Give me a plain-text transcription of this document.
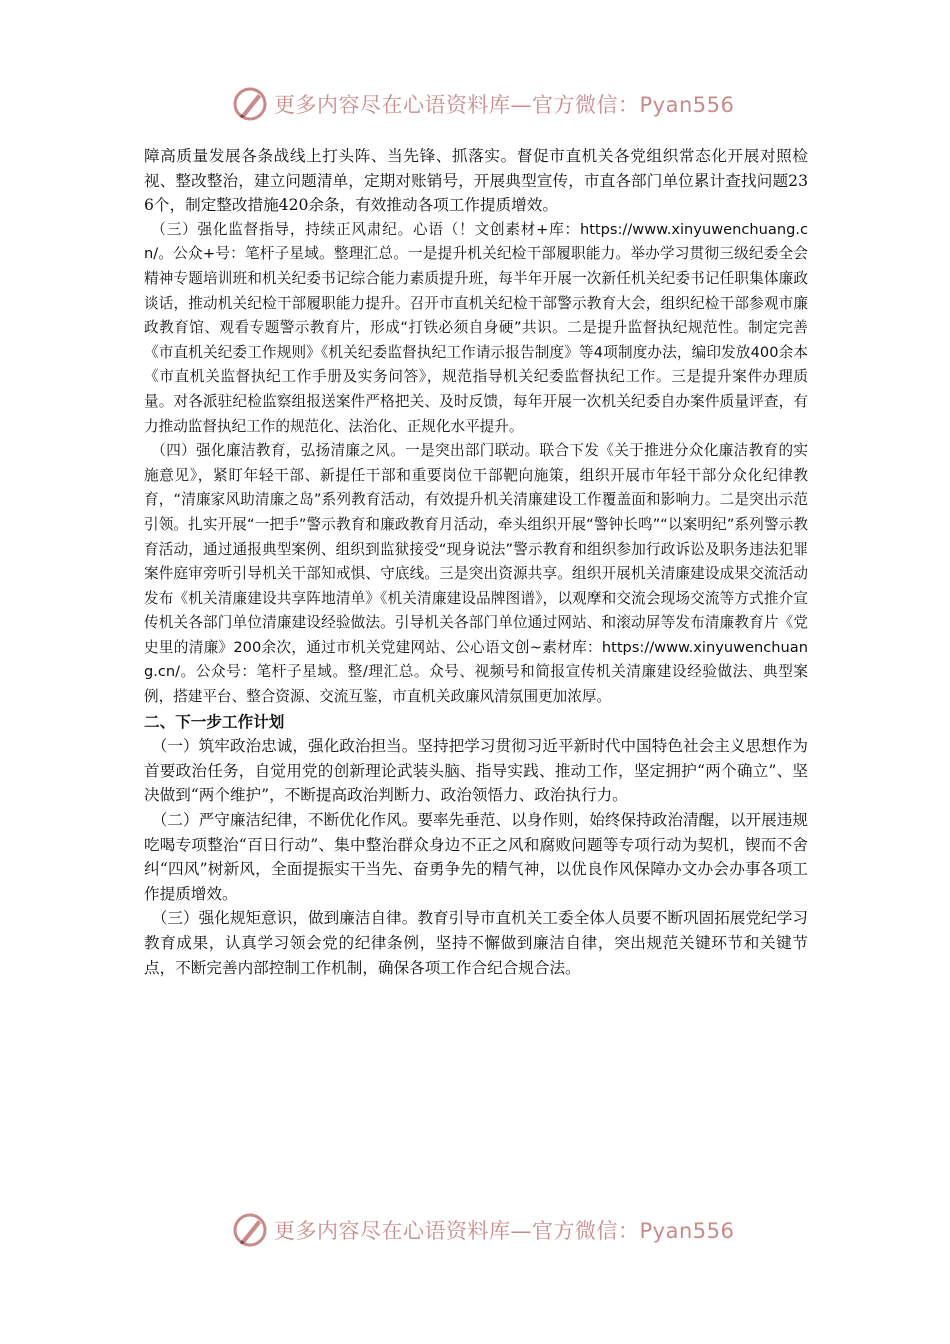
更多内容尽在心语资料库—官方微信：Pyan556

障高质量发展各条战线上打头阵、当先锋、抓落实。督促市直机关各党组织常态化开展对照检视、整改整治，建立问题清单，定期对账销号，开展典型宣传，市直各部门单位累计查找问题236个，制定整改措施420余条，有效推动各项工作提质增效。

（三）强化监督指导，持续正风肃纪。心语（！文创素材+库：https://www.xinyuwenchuang.cn/。公众+号：笔杆子星域。整理汇总。一是提升机关纪检干部履职能力。举办学习贯彻三级纪委全会精神专题培训班和机关纪委书记综合能力素质提升班，每半年开展一次新任机关纪委书记任职集体廉政谈话，推动机关纪检干部履职能力提升。召开市直机关纪检干部警示教育大会，组织纪检干部参观市廉政教育馆、观看专题警示教育片，形成“打铁必须自身硬”共识。二是提升监督执纪规范性。制定完善《市直机关纪委工作规则》《机关纪委监督执纪工作请示报告制度》等4项制度办法，编印发放400余本《市直机关监督执纪工作手册及实务问答》，规范指导机关纪委监督执纪工作。三是提升案件办理质量。对各派驻纪检监察组报送案件严格把关、及时反馈，每年开展一次机关纪委自办案件质量评查，有力推动监督执纪工作的规范化、法治化、正规化水平提升。

（四）强化廉洁教育，弘扬清廉之风。一是突出部门联动。联合下发《关于推进分众化廉洁教育的实施意见》，紧盯年轻干部、新提任干部和重要岗位干部靶向施策，组织开展市年轻干部分众化纪律教育，“清廉家风助清廉之岛”系列教育活动，有效提升机关清廉建设工作覆盖面和影响力。二是突出示范引领。扎实开展“一把手”警示教育和廉政教育月活动，牵头组织开展“警钟长鸣”“以案明纪”系列警示教育活动，通过通报典型案例、组织到监狱接受“现身说法”警示教育和组织参加行政诉讼及职务违法犯罪案件庭审旁听引导机关干部知戒惧、守底线。三是突出资源共享。组织开展机关清廉建设成果交流活动发布《机关清廉建设共享阵地清单》《机关清廉建设品牌图谱》，以观摩和交流会现场交流等方式推介宣传机关各部门单位清廉建设经验做法。引导机关各部门单位通过网站、和滚动屏等发布清廉教育片《党史里的清廉》200余次，通过市机关党建网站、公心语文创~素材库：https://www.xinyuwenchuang.cn/。公众号：笔杆子星域。整/理汇总。众号、视频号和简报宣传机关清廉建设经验做法、典型案例，搭建平台、整合资源、交流互鉴，市直机关政廉风清氛围更加浓厚。

二、下一步工作计划

（一）筑牢政治忠诚，强化政治担当。坚持把学习贯彻习近平新时代中国特色社会主义思想作为首要政治任务，自觉用党的创新理论武装头脑、指导实践、推动工作，坚定拥护“两个确立”、坚决做到“两个维护”，不断提高政治判断力、政治领悟力、政治执行力。

（二）严守廉洁纪律，不断优化作风。要率先垂范、以身作则，始终保持政治清醒，以开展违规吃喝专项整治“百日行动”、集中整治群众身边不正之风和腐败问题等专项行动为契机，锲而不舍纠“四风”树新风，全面提振实干当先、奋勇争先的精气神，以优良作风保障办文办会办事各项工作提质增效。

（三）强化规矩意识，做到廉洁自律。教育引导市直机关工委全体人员要不断巩固拓展党纪学习教育成果，认真学习领会党的纪律条例，坚持不懈做到廉洁自律，突出规范关键环节和关键节点，不断完善内部控制工作机制，确保各项工作合纪合规合法。

更多内容尽在心语资料库—官方微信：Pyan556
